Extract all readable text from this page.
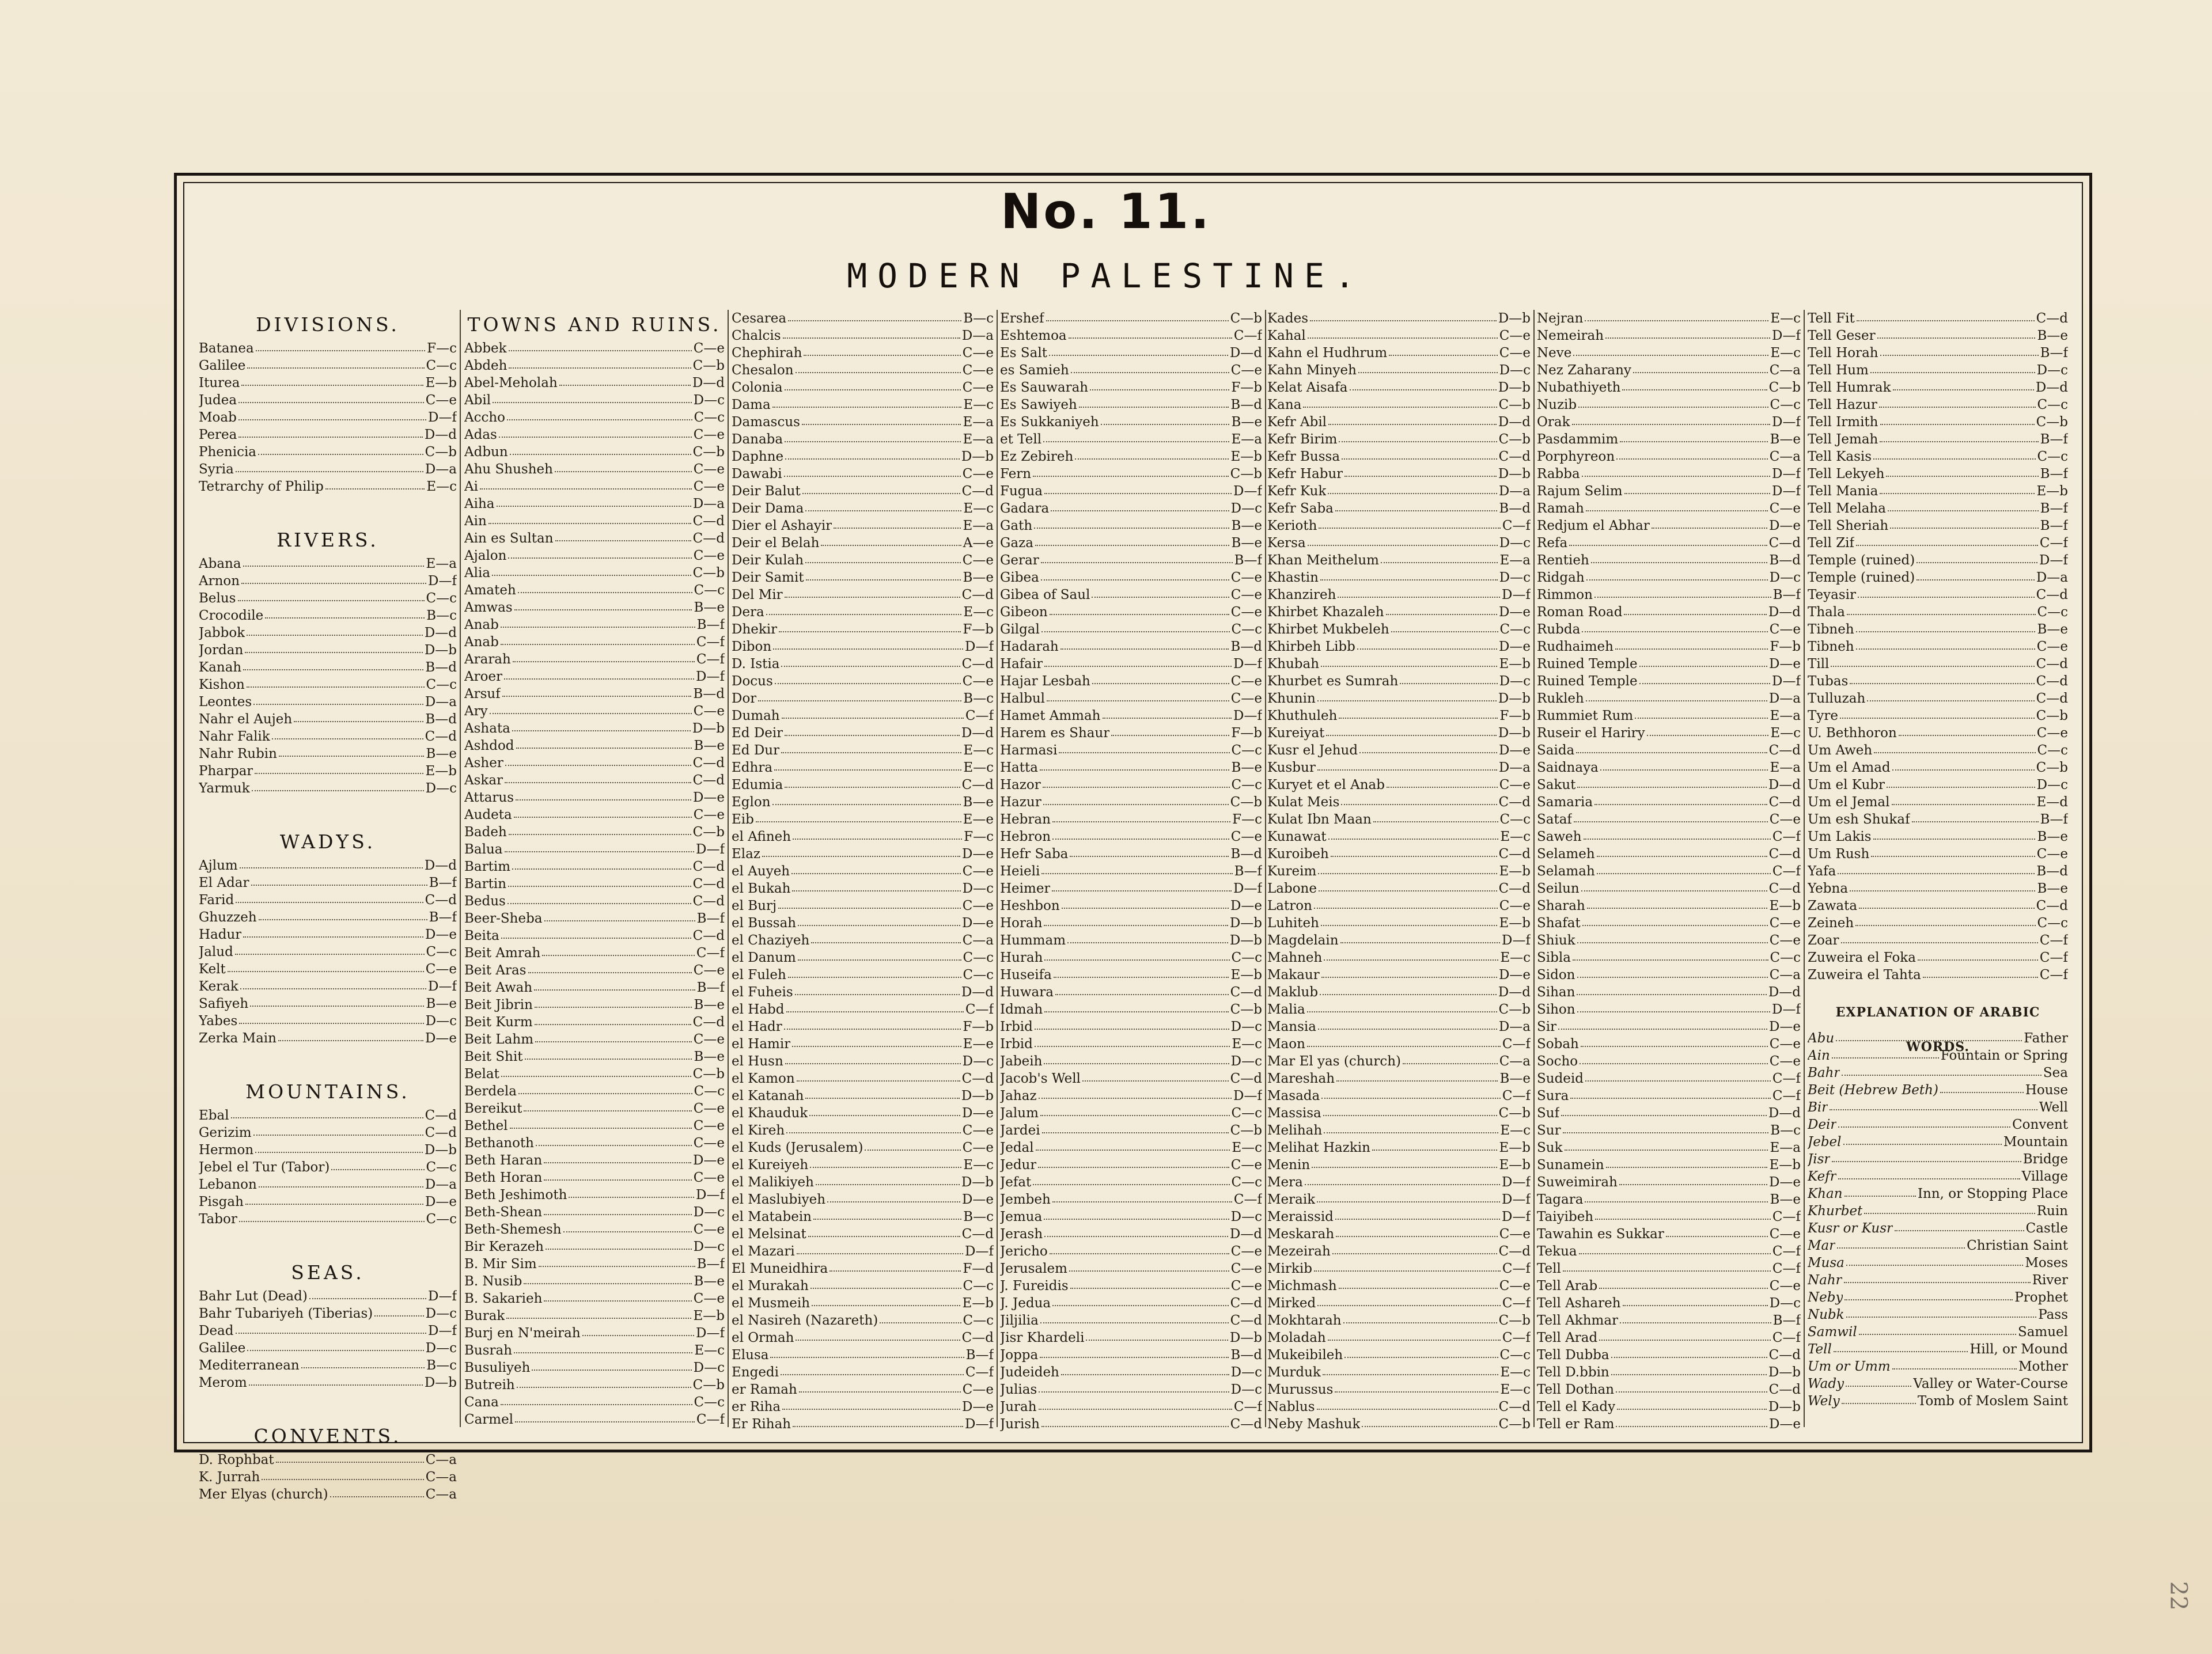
No. 11.
MODERN PALESTINE.
DIVISIONS.
Batanea	F—c
Galilee	C—c
Iturea	E—b
Judea	C—e
Moab	D—f
Perea	D—d
Phenicia	C—b
Syria	D—a
Tetrarchy of Philip	E—c
RIVERS.
Abana	E—a
Arnon	D—f
Belus	C—c
Crocodile	B—c
Jabbok	D—d
Jordan	D—b
Kanah	B—d
Kishon	C—c
Leontes	D—a
Nahr el Aujeh	B—d
Nahr Falik	C—d
Nahr Rubin	B—e
Pharpar	E—b
Yarmuk	D—c
WADYS.
Ajlum	D—d
El Adar	B—f
Farid	C—d
Ghuzzeh	B—f
Hadur	D—e
Jalud	C—c
Kelt	C—e
Kerak	D—f
Safiyeh	B—e
Yabes	D—c
Zerka Main	D—e
MOUNTAINS.
Ebal	C—d
Gerizim	C—d
Hermon	D—b
Jebel el Tur (Tabor)	C—c
Lebanon	D—a
Pisgah	D—e
Tabor	C—c
SEAS.
Bahr Lut (Dead)	D—f
Bahr Tubariyeh (Tiberias)	D—c
Dead	D—f
Galilee	D—c
Mediterranean	B—c
Merom	D—b
CONVENTS.
D. Rophbat	C—a
K. Jurrah	C—a
Mer Elyas (church)	C—a
TOWNS AND RUINS.
Abbek	C—e
Abdeh	C—b
Abel-Meholah	D—d
Abil	D—c
Accho	C—c
Adas	C—e
Adbun	C—b
Ahu Shusheh	C—e
Ai	C—e
Aiha	D—a
Ain	C—d
Ain es Sultan	C—d
Ajalon	C—e
Alia	C—b
Amateh	C—c
Amwas	B—e
Anab	B—f
Anab	C—f
Ararah	C—f
Aroer	D—f
Arsuf	B—d
Ary	C—e
Ashata	D—b
Ashdod	B—e
Asher	C—d
Askar	C—d
Attarus	D—e
Audeta	C—e
Badeh	C—b
Balua	D—f
Bartim	C—d
Bartin	C—d
Bedus	C—d
Beer-Sheba	B—f
Beita	C—d
Beit Amrah	C—f
Beit Aras	C—e
Beit Awah	B—f
Beit Jibrin	B—e
Beit Kurm	C—d
Beit Lahm	C—e
Beit Shit	B—e
Belat	C—b
Berdela	C—c
Bereikut	C—e
Bethel	C—e
Bethanoth	C—e
Beth Haran	D—e
Beth Horan	C—e
Beth Jeshimoth	D—f
Beth-Shean	D—c
Beth-Shemesh	C—e
Bir Kerazeh	D—c
B. Mir Sim	B—f
B. Nusib	B—e
B. Sakarieh	C—e
Burak	E—b
Burj en N'meirah	D—f
Busrah	E—c
Busuliyeh	D—c
Butreih	C—b
Cana	C—c
Carmel	C—f
Cesarea	B—c
Chalcis	D—a
Chephirah	C—e
Chesalon	C—e
Colonia	C—e
Dama	E—c
Damascus	E—a
Danaba	E—a
Daphne	D—b
Dawabi	C—e
Deir Balut	C—d
Deir Dama	E—c
Dier el Ashayir	E—a
Deir el Belah	A—e
Deir Kulah	C—e
Deir Samit	B—e
Del Mir	C—d
Dera	E—c
Dhekir	F—b
Dibon	D—f
D. Istia	C—d
Docus	C—e
Dor	B—c
Dumah	C—f
Ed Deir	D—d
Ed Dur	E—c
Edhra	E—c
Edumia	C—d
Eglon	B—e
Eib	E—e
el Afineh	F—c
Elaz	D—e
el Auyeh	C—e
el Bukah	D—c
el Burj	C—e
el Bussah	D—e
el Chaziyeh	C—a
el Danum	C—c
el Fuleh	C—c
el Fuheis	D—d
el Habd	C—f
el Hadr	F—b
el Hamir	E—e
el Husn	D—c
el Kamon	C—d
el Katanah	D—b
el Khauduk	D—e
el Kireh	C—e
el Kuds (Jerusalem)	C—e
el Kureiyeh	E—c
el Malikiyeh	D—b
el Maslubiyeh	D—e
el Matabein	B—c
el Melsinat	C—d
el Mazari	D—f
El Muneidhira	F—d
el Murakah	C—c
el Musmeih	E—b
el Nasireh (Nazareth)	C—c
el Ormah	C—d
Elusa	B—f
Engedi	C—f
er Ramah	C—e
er Riha	D—e
Er Rihah	D—f
Ershef	C—b
Eshtemoa	C—f
Es Salt	D—d
es Samieh	C—e
Es Sauwarah	F—b
Es Sawiyeh	B—d
Es Sukkaniyeh	B—e
et Tell	E—a
Ez Zebireh	E—b
Fern	C—b
Fugua	D—f
Gadara	D—c
Gath	B—e
Gaza	B—e
Gerar	B—f
Gibea	C—e
Gibea of Saul	C—e
Gibeon	C—e
Gilgal	C—c
Hadarah	B—d
Hafair	D—f
Hajar Lesbah	C—e
Halbul	C—e
Hamet Ammah	D—f
Harem es Shaur	F—b
Harmasi	C—c
Hatta	B—e
Hazor	C—c
Hazur	C—b
Hebran	F—c
Hebron	C—e
Hefr Saba	B—d
Heieli	B—f
Heimer	D—f
Heshbon	D—e
Horah	D—b
Hummam	D—b
Hurah	C—c
Huseifa	E—b
Huwara	C—d
Idmah	C—b
Irbid	D—c
Irbid	E—c
Jabeih	D—c
Jacob's Well	C—d
Jahaz	D—f
Jalum	C—c
Jardei	C—b
Jedal	E—c
Jedur	C—e
Jefat	C—c
Jembeh	C—f
Jemua	D—c
Jerash	D—d
Jericho	C—e
Jerusalem	C—e
J. Fureidis	C—e
J. Jedua	C—d
Jiljilia	C—d
Jisr Khardeli	D—b
Joppa	B—d
Judeideh	D—c
Julias	D—c
Jurah	C—f
Jurish	C—d
Kades	D—b
Kahal	C—e
Kahn el Hudhrum	C—e
Kahn Minyeh	D—c
Kelat Aisafa	D—b
Kana	C—b
Kefr Abil	D—d
Kefr Birim	C—b
Kefr Bussa	C—d
Kefr Habur	D—b
Kefr Kuk	D—a
Kefr Saba	B—d
Kerioth	C—f
Kersa	D—c
Khan Meithelum	E—a
Khastin	D—c
Khanzireh	D—f
Khirbet Khazaleh	D—e
Khirbet Mukbeleh	C—c
Khirbeh Libb	D—e
Khubah	E—b
Khurbet es Sumrah	D—c
Khunin	D—b
Khuthuleh	F—b
Kureiyat	D—b
Kusr el Jehud	D—e
Kusbur	D—a
Kuryet et el Anab	C—e
Kulat Meis	C—d
Kulat Ibn Maan	C—c
Kunawat	E—c
Kuroibeh	C—d
Kureim	E—b
Labone	C—d
Latron	C—e
Luhiteh	E—b
Magdelain	D—f
Mahneh	E—c
Makaur	D—e
Maklub	D—d
Malia	C—b
Mansia	D—a
Maon	C—f
Mar El yas (church)	C—a
Mareshah	B—e
Masada	C—f
Massisa	C—b
Melihah	E—c
Melihat Hazkin	E—b
Menin	E—b
Mera	D—f
Meraik	D—f
Meraissid	D—f
Meskarah	C—e
Mezeirah	C—d
Mirkib	C—f
Michmash	C—e
Mirked	C—f
Mokhtarah	C—b
Moladah	C—f
Mukeibileh	C—c
Murduk	E—c
Murussus	E—c
Nablus	C—d
Neby Mashuk	C—b
Nejran	E—c
Nemeirah	D—f
Neve	E—c
Nez Zaharany	C—a
Nubathiyeth	C—b
Nuzib	C—c
Orak	D—f
Pasdammim	B—e
Porphyreon	C—a
Rabba	D—f
Rajum Selim	D—f
Ramah	C—e
Redjum el Abhar	D—e
Refa	C—d
Rentieh	B—d
Ridgah	D—c
Rimmon	B—f
Roman Road	D—d
Rubda	C—e
Rudhaimeh	F—b
Ruined Temple	D—e
Ruined Temple	D—f
Rukleh	D—a
Rummiet Rum	E—a
Ruseir el Hariry	E—c
Saida	C—d
Saidnaya	E—a
Sakut	D—d
Samaria	C—d
Sataf	C—e
Saweh	C—f
Selameh	C—d
Selamah	C—f
Seilun	C—d
Sharah	E—b
Shafat	C—e
Shiuk	C—e
Sibla	C—c
Sidon	C—a
Sihan	D—d
Sihon	D—f
Sir	D—e
Sobah	C—e
Socho	C—e
Sudeid	C—f
Sura	C—f
Suf	D—d
Sur	B—c
Suk	E—a
Sunamein	E—b
Suweimirah	D—e
Tagara	B—e
Taiyibeh	C—f
Tawahin es Sukkar	C—e
Tekua	C—f
Tell	C—f
Tell Arab	C—e
Tell Ashareh	D—c
Tell Akhmar	B—f
Tell Arad	C—f
Tell Dubba	C—d
Tell D.bbin	D—b
Tell Dothan	C—d
Tell el Kady	D—b
Tell er Ram	D—e
Tell Fit	C—d
Tell Geser	B—e
Tell Horah	B—f
Tell Hum	D—c
Tell Humrak	D—d
Tell Hazur	C—c
Tell Irmith	C—b
Tell Jemah	B—f
Tell Kasis	C—c
Tell Lekyeh	B—f
Tell Mania	E—b
Tell Melaha	B—f
Tell Sheriah	B—f
Tell Zif	C—f
Temple (ruined)	D—f
Temple (ruined)	D—a
Teyasir	C—d
Thala	C—c
Tibneh	B—e
Tibneh	C—e
Till	C—d
Tubas	C—d
Tulluzah	C—d
Tyre	C—b
U. Bethhoron	C—e
Um Aweh	C—c
Um el Amad	C—b
Um el Kubr	D—c
Um el Jemal	E—d
Um esh Shukaf	B—f
Um Lakis	B—e
Um Rush	C—e
Yafa	B—d
Yebna	B—e
Zawata	C—d
Zeineh	C—c
Zoar	C—f
Zuweira el Foka	C—f
Zuweira el Tahta	C—f
EXPLANATION OF ARABIC WORDS.
Abu	Father
Ain	Fountain or Spring
Bahr	Sea
Beit (Hebrew Beth)	House
Bir	Well
Deir	Convent
Jebel	Mountain
Jisr	Bridge
Kefr	Village
Khan	Inn, or Stopping Place
Khurbet	Ruin
Kusr or Kusr	Castle
Mar	Christian Saint
Musa	Moses
Nahr	River
Neby	Prophet
Nubk	Pass
Samwil	Samuel
Tell	Hill, or Mound
Um or Umm	Mother
Wady	Valley or Water-Course
Wely	Tomb of Moslem Saint
22
